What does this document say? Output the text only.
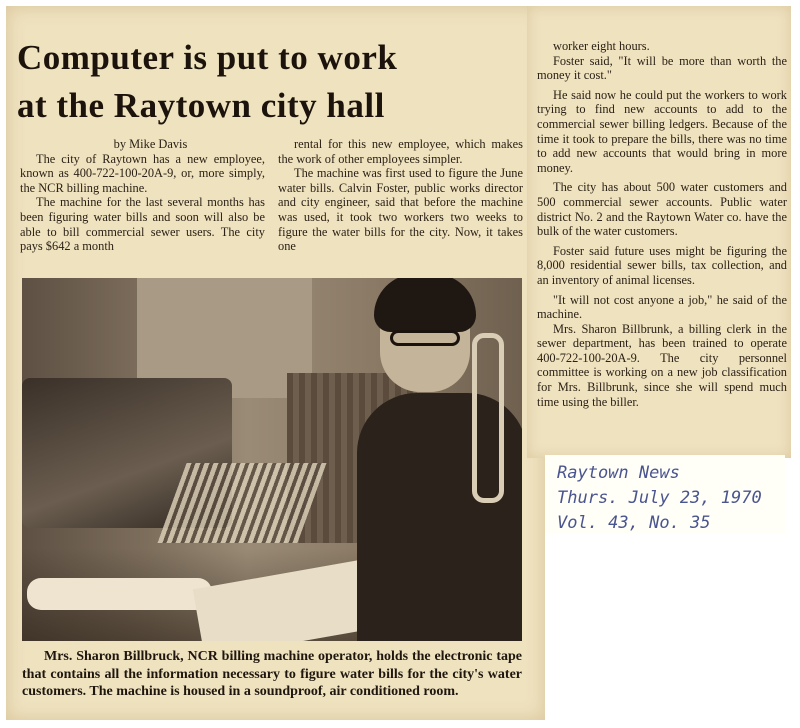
Computer is put to work
at the Raytown city hall

by Mike Davis

The city of Raytown has a new employee, known as 400-722-100-20A-9, or, more simply, the NCR billing machine.

The machine for the last several months has been figuring water bills and soon will also be able to bill commercial sewer users. The city pays $642 a month

rental for this new employee, which makes the work of other employees simpler.

The machine was first used to figure the June water bills. Calvin Foster, public works director and city engineer, said that before the machine was used, it took two workers two weeks to figure the water bills for the city. Now, it takes one

worker eight hours.

Foster said, "It will be more than worth the money it cost."

He said now he could put the workers to work trying to find new accounts to add to the commercial sewer billing ledgers. Because of the time it took to prepare the bills, there was no time to add new accounts that would bring in more money.

The city has about 500 water customers and 500 commercial sewer accounts. Public water district No. 2 and the Raytown Water co. have the bulk of the water customers.

Foster said future uses might be figuring the 8,000 residential sewer bills, tax collection, and an inventory of animal licenses.

"It will not cost anyone a job," he said of the machine.

Mrs. Sharon Billbrunk, a billing clerk in the sewer department, has been trained to operate 400-722-100-20A-9. The city personnel committee is working on a new job classification for Mrs. Billbrunk, since she will spend much time using the biller.

Mrs. Sharon Billbruck, NCR billing machine operator, holds the electronic tape that contains all the information necessary to figure water bills for the city's water customers. The machine is housed in a soundproof, air conditioned room.

Raytown News
Thurs. July 23, 1970
Vol. 43, No. 35
